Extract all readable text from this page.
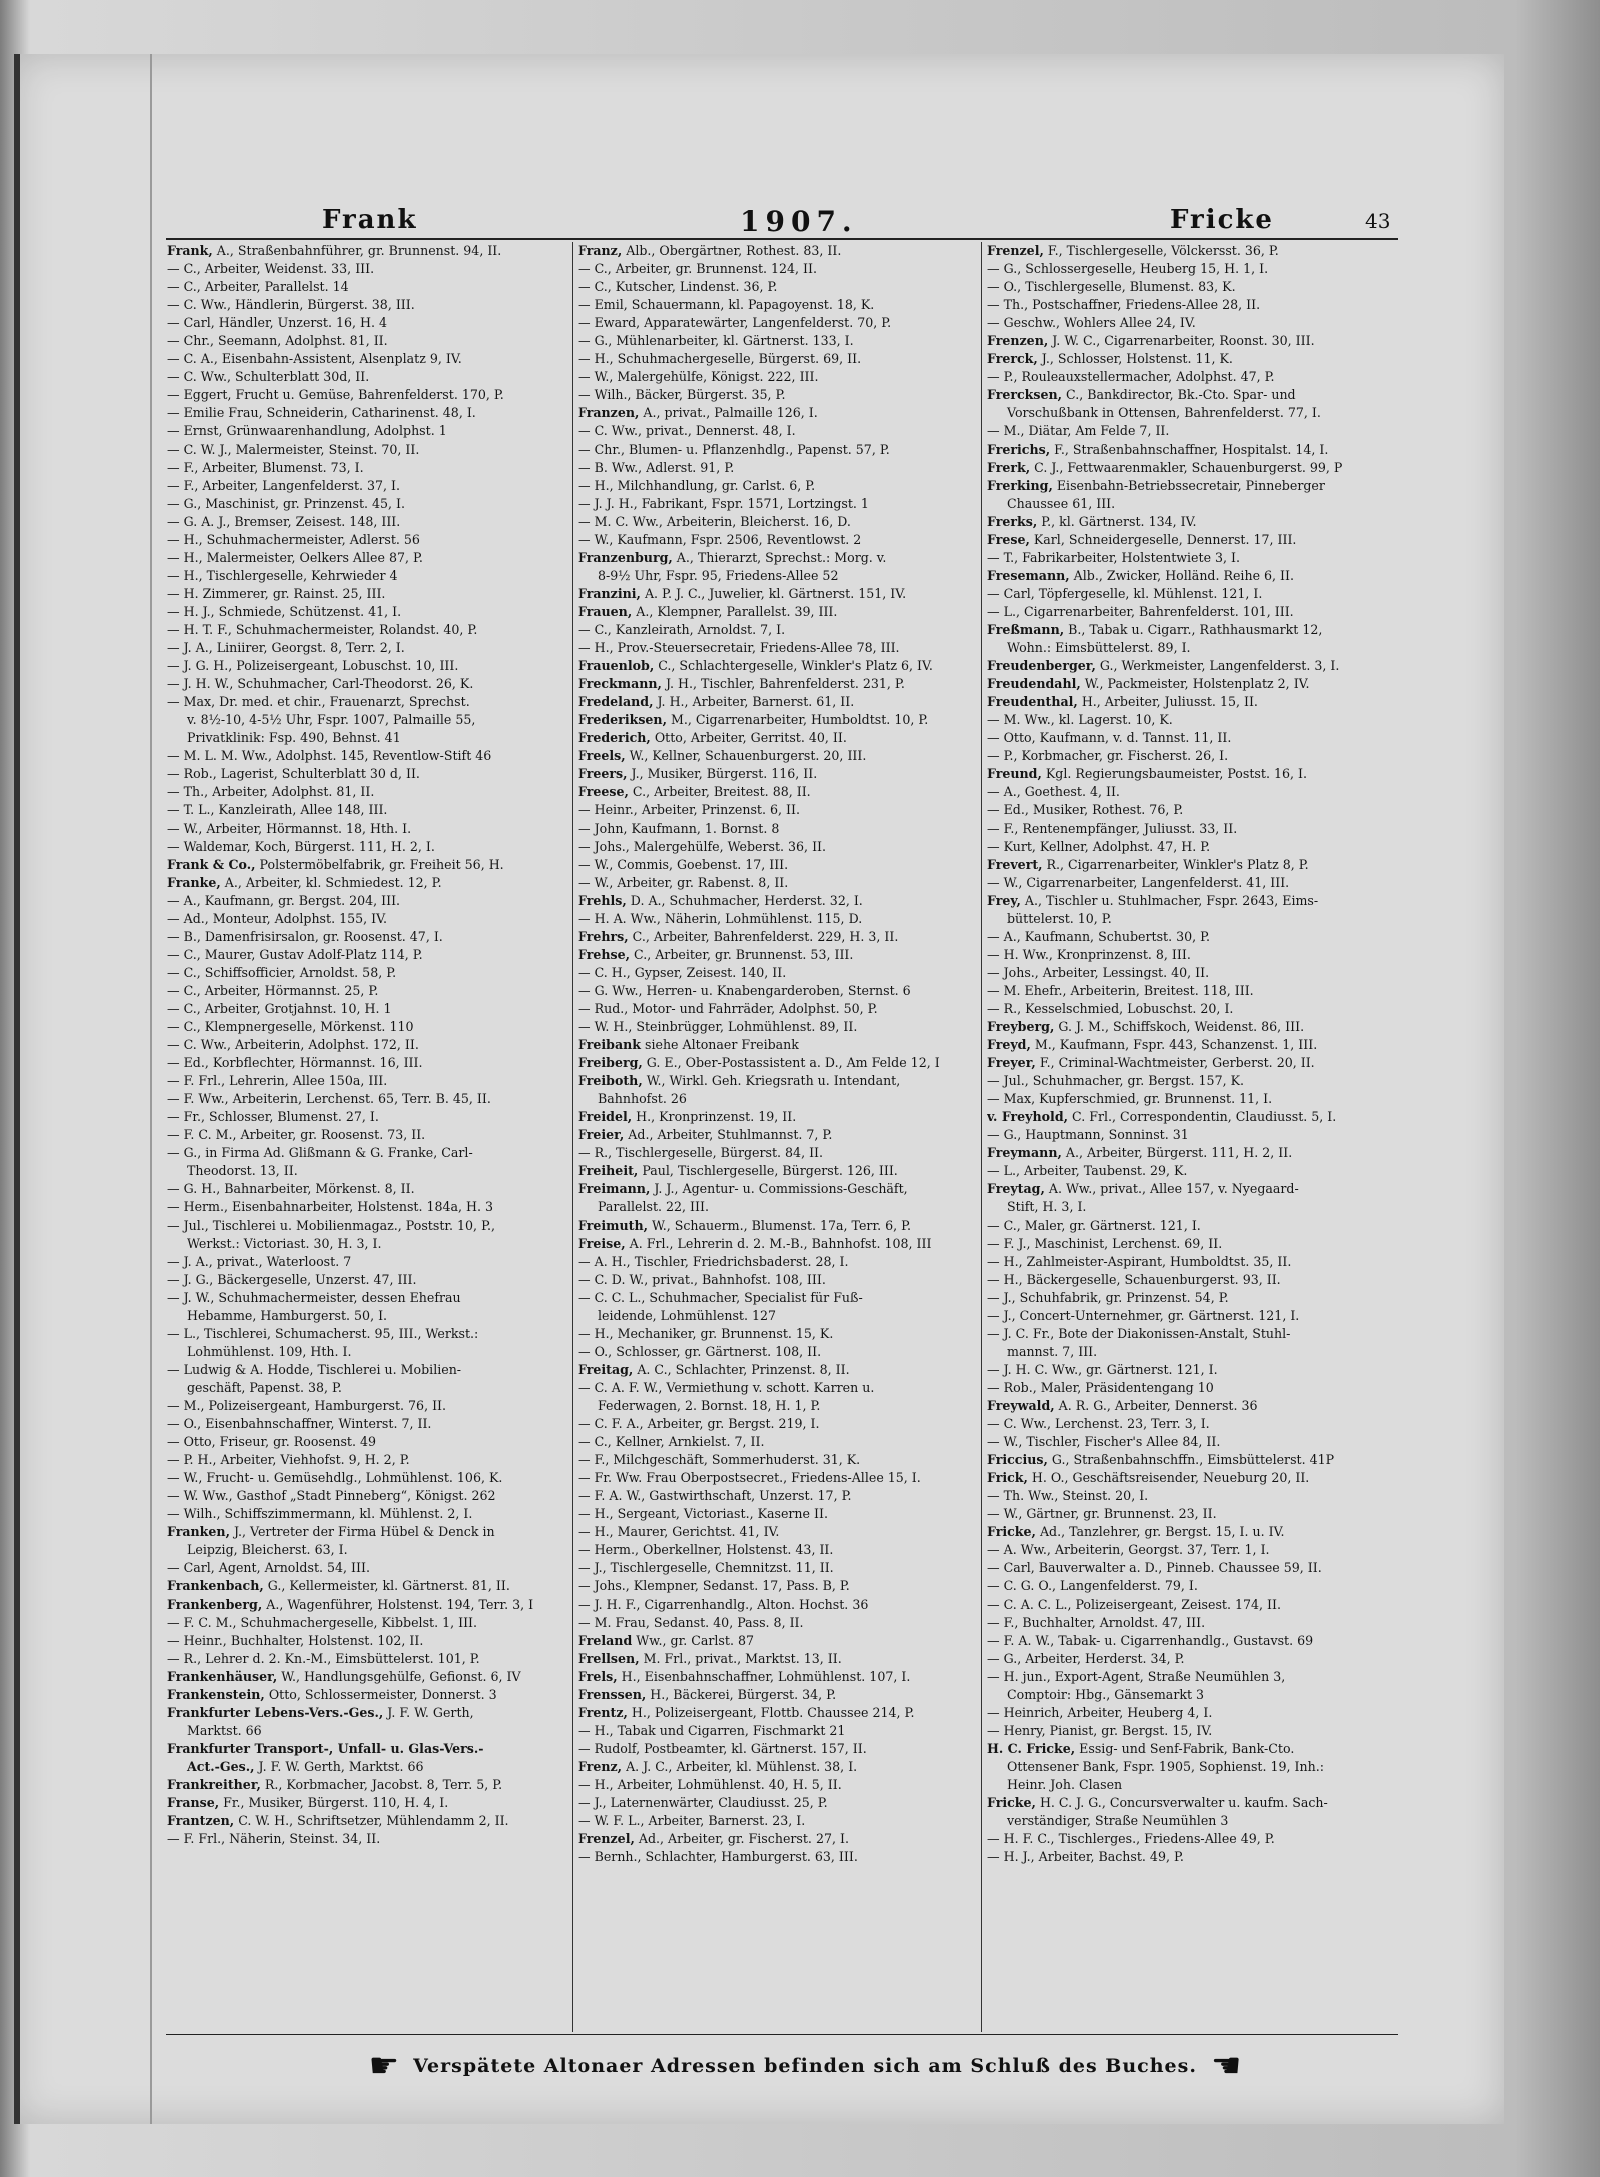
Frank	1907.	Fricke	43
Frank, A., Straßenbahnführer, gr. Brunnenst. 94, II.
— C., Arbeiter, Weidenst. 33, III.
— C., Arbeiter, Parallelst. 14
— C. Ww., Händlerin, Bürgerst. 38, III.
— Carl, Händler, Unzerst. 16, H. 4
— Chr., Seemann, Adolphst. 81, II.
— C. A., Eisenbahn-Assistent, Alsenplatz 9, IV.
— C. Ww., Schulterblatt 30d, II.
— Eggert, Frucht u. Gemüse, Bahrenfelderst. 170, P.
— Emilie Frau, Schneiderin, Catharinenst. 48, I.
— Ernst, Grünwaarenhandlung, Adolphst. 1
— C. W. J., Malermeister, Steinst. 70, II.
— F., Arbeiter, Blumenst. 73, I.
— F., Arbeiter, Langenfelderst. 37, I.
— G., Maschinist, gr. Prinzenst. 45, I.
— G. A. J., Bremser, Zeisest. 148, III.
— H., Schuhmachermeister, Adlerst. 56
— H., Malermeister, Oelkers Allee 87, P.
— H., Tischlergeselle, Kehrwieder 4
— H. Zimmerer, gr. Rainst. 25, III.
— H. J., Schmiede, Schützenst. 41, I.
— H. T. F., Schuhmachermeister, Rolandst. 40, P.
— J. A., Liniirer, Georgst. 8, Terr. 2, I.
— J. G. H., Polizeisergeant, Lobuschst. 10, III.
— J. H. W., Schuhmacher, Carl-Theodorst. 26, K.
— Max, Dr. med. et chir., Frauenarzt, Sprechst.
v. 8½-10, 4-5½ Uhr, Fspr. 1007, Palmaille 55,
Privatklinik: Fsp. 490, Behnst. 41
— M. L. M. Ww., Adolphst. 145, Reventlow-Stift 46
— Rob., Lagerist, Schulterblatt 30 d, II.
— Th., Arbeiter, Adolphst. 81, II.
— T. L., Kanzleirath, Allee 148, III.
— W., Arbeiter, Hörmannst. 18, Hth. I.
— Waldemar, Koch, Bürgerst. 111, H. 2, I.
Frank & Co., Polstermöbelfabrik, gr. Freiheit 56, H.
Franke, A., Arbeiter, kl. Schmiedest. 12, P.
— A., Kaufmann, gr. Bergst. 204, III.
— Ad., Monteur, Adolphst. 155, IV.
— B., Damenfrisirsalon, gr. Roosenst. 47, I.
— C., Maurer, Gustav Adolf-Platz 114, P.
— C., Schiffsofficier, Arnoldst. 58, P.
— C., Arbeiter, Hörmannst. 25, P.
— C., Arbeiter, Grotjahnst. 10, H. 1
— C., Klempnergeselle, Mörkenst. 110
— C. Ww., Arbeiterin, Adolphst. 172, II.
— Ed., Korbflechter, Hörmannst. 16, III.
— F. Frl., Lehrerin, Allee 150a, III.
— F. Ww., Arbeiterin, Lerchenst. 65, Terr. B. 45, II.
— Fr., Schlosser, Blumenst. 27, I.
— F. C. M., Arbeiter, gr. Roosenst. 73, II.
— G., in Firma Ad. Glißmann & G. Franke, Carl-
Theodorst. 13, II.
— G. H., Bahnarbeiter, Mörkenst. 8, II.
— Herm., Eisenbahnarbeiter, Holstenst. 184a, H. 3
— Jul., Tischlerei u. Mobilienmagaz., Poststr. 10, P.,
Werkst.: Victoriast. 30, H. 3, I.
— J. A., privat., Waterloost. 7
— J. G., Bäckergeselle, Unzerst. 47, III.
— J. W., Schuhmachermeister, dessen Ehefrau
Hebamme, Hamburgerst. 50, I.
— L., Tischlerei, Schumacherst. 95, III., Werkst.:
Lohmühlenst. 109, Hth. I.
— Ludwig & A. Hodde, Tischlerei u. Mobilien-
geschäft, Papenst. 38, P.
— M., Polizeisergeant, Hamburgerst. 76, II.
— O., Eisenbahnschaffner, Winterst. 7, II.
— Otto, Friseur, gr. Roosenst. 49
— P. H., Arbeiter, Viehhofst. 9, H. 2, P.
— W., Frucht- u. Gemüsehdlg., Lohmühlenst. 106, K.
— W. Ww., Gasthof „Stadt Pinneberg“, Königst. 262
— Wilh., Schiffszimmermann, kl. Mühlenst. 2, I.
Franken, J., Vertreter der Firma Hübel & Denck in
Leipzig, Bleicherst. 63, I.
— Carl, Agent, Arnoldst. 54, III.
Frankenbach, G., Kellermeister, kl. Gärtnerst. 81, II.
Frankenberg, A., Wagenführer, Holstenst. 194, Terr. 3, I
— F. C. M., Schuhmachergeselle, Kibbelst. 1, III.
— Heinr., Buchhalter, Holstenst. 102, II.
— R., Lehrer d. 2. Kn.-M., Eimsbüttelerst. 101, P.
Frankenhäuser, W., Handlungsgehülfe, Gefionst. 6, IV
Frankenstein, Otto, Schlossermeister, Donnerst. 3
Frankfurter Lebens-Vers.-Ges., J. F. W. Gerth,
Marktst. 66
Frankfurter Transport-, Unfall- u. Glas-Vers.-
Act.-Ges., J. F. W. Gerth, Marktst. 66
Frankreither, R., Korbmacher, Jacobst. 8, Terr. 5, P.
Franse, Fr., Musiker, Bürgerst. 110, H. 4, I.
Frantzen, C. W. H., Schriftsetzer, Mühlendamm 2, II.
— F. Frl., Näherin, Steinst. 34, II.
Franz, Alb., Obergärtner, Rothest. 83, II.
— C., Arbeiter, gr. Brunnenst. 124, II.
— C., Kutscher, Lindenst. 36, P.
— Emil, Schauermann, kl. Papagoyenst. 18, K.
— Eward, Apparatewärter, Langenfelderst. 70, P.
— G., Mühlenarbeiter, kl. Gärtnerst. 133, I.
— H., Schuhmachergeselle, Bürgerst. 69, II.
— W., Malergehülfe, Königst. 222, III.
— Wilh., Bäcker, Bürgerst. 35, P.
Franzen, A., privat., Palmaille 126, I.
— C. Ww., privat., Dennerst. 48, I.
— Chr., Blumen- u. Pflanzenhdlg., Papenst. 57, P.
— B. Ww., Adlerst. 91, P.
— H., Milchhandlung, gr. Carlst. 6, P.
— J. J. H., Fabrikant, Fspr. 1571, Lortzingst. 1
— M. C. Ww., Arbeiterin, Bleicherst. 16, D.
— W., Kaufmann, Fspr. 2506, Reventlowst. 2
Franzenburg, A., Thierarzt, Sprechst.: Morg. v.
8-9½ Uhr, Fspr. 95, Friedens-Allee 52
Franzini, A. P. J. C., Juwelier, kl. Gärtnerst. 151, IV.
Frauen, A., Klempner, Parallelst. 39, III.
— C., Kanzleirath, Arnoldst. 7, I.
— H., Prov.-Steuersecretair, Friedens-Allee 78, III.
Frauenlob, C., Schlachtergeselle, Winkler's Platz 6, IV.
Freckmann, J. H., Tischler, Bahrenfelderst. 231, P.
Fredeland, J. H., Arbeiter, Barnerst. 61, II.
Frederiksen, M., Cigarrenarbeiter, Humboldtst. 10, P.
Frederich, Otto, Arbeiter, Gerritst. 40, II.
Freels, W., Kellner, Schauenburgerst. 20, III.
Freers, J., Musiker, Bürgerst. 116, II.
Freese, C., Arbeiter, Breitest. 88, II.
— Heinr., Arbeiter, Prinzenst. 6, II.
— John, Kaufmann, 1. Bornst. 8
— Johs., Malergehülfe, Weberst. 36, II.
— W., Commis, Goebenst. 17, III.
— W., Arbeiter, gr. Rabenst. 8, II.
Frehls, D. A., Schuhmacher, Herderst. 32, I.
— H. A. Ww., Näherin, Lohmühlenst. 115, D.
Frehrs, C., Arbeiter, Bahrenfelderst. 229, H. 3, II.
Frehse, C., Arbeiter, gr. Brunnenst. 53, III.
— C. H., Gypser, Zeisest. 140, II.
— G. Ww., Herren- u. Knabengarderoben, Sternst. 6
— Rud., Motor- und Fahrräder, Adolphst. 50, P.
— W. H., Steinbrügger, Lohmühlenst. 89, II.
Freibank siehe Altonaer Freibank
Freiberg, G. E., Ober-Postassistent a. D., Am Felde 12, I
Freiboth, W., Wirkl. Geh. Kriegsrath u. Intendant,
Bahnhofst. 26
Freidel, H., Kronprinzenst. 19, II.
Freier, Ad., Arbeiter, Stuhlmannst. 7, P.
— R., Tischlergeselle, Bürgerst. 84, II.
Freiheit, Paul, Tischlergeselle, Bürgerst. 126, III.
Freimann, J. J., Agentur- u. Commissions-Geschäft,
Parallelst. 22, III.
Freimuth, W., Schauerm., Blumenst. 17a, Terr. 6, P.
Freise, A. Frl., Lehrerin d. 2. M.-B., Bahnhofst. 108, III
— A. H., Tischler, Friedrichsbaderst. 28, I.
— C. D. W., privat., Bahnhofst. 108, III.
— C. C. L., Schuhmacher, Specialist für Fuß-
leidende, Lohmühlenst. 127
— H., Mechaniker, gr. Brunnenst. 15, K.
— O., Schlosser, gr. Gärtnerst. 108, II.
Freitag, A. C., Schlachter, Prinzenst. 8, II.
— C. A. F. W., Vermiethung v. schott. Karren u.
Federwagen, 2. Bornst. 18, H. 1, P.
— C. F. A., Arbeiter, gr. Bergst. 219, I.
— C., Kellner, Arnkielst. 7, II.
— F., Milchgeschäft, Sommerhuderst. 31, K.
— Fr. Ww. Frau Oberpostsecret., Friedens-Allee 15, I.
— F. A. W., Gastwirthschaft, Unzerst. 17, P.
— H., Sergeant, Victoriast., Kaserne II.
— H., Maurer, Gerichtst. 41, IV.
— Herm., Oberkellner, Holstenst. 43, II.
— J., Tischlergeselle, Chemnitzst. 11, II.
— Johs., Klempner, Sedanst. 17, Pass. B, P.
— J. H. F., Cigarrenhandlg., Alton. Hochst. 36
— M. Frau, Sedanst. 40, Pass. 8, II.
Freland Ww., gr. Carlst. 87
Frellsen, M. Frl., privat., Marktst. 13, II.
Frels, H., Eisenbahnschaffner, Lohmühlenst. 107, I.
Frenssen, H., Bäckerei, Bürgerst. 34, P.
Frentz, H., Polizeisergeant, Flottb. Chaussee 214, P.
— H., Tabak und Cigarren, Fischmarkt 21
— Rudolf, Postbeamter, kl. Gärtnerst. 157, II.
Frenz, A. J. C., Arbeiter, kl. Mühlenst. 38, I.
— H., Arbeiter, Lohmühlenst. 40, H. 5, II.
— J., Laternenwärter, Claudiusst. 25, P.
— W. F. L., Arbeiter, Barnerst. 23, I.
Frenzel, Ad., Arbeiter, gr. Fischerst. 27, I.
— Bernh., Schlachter, Hamburgerst. 63, III.
Frenzel, F., Tischlergeselle, Völckersst. 36, P.
— G., Schlossergeselle, Heuberg 15, H. 1, I.
— O., Tischlergeselle, Blumenst. 83, K.
— Th., Postschaffner, Friedens-Allee 28, II.
— Geschw., Wohlers Allee 24, IV.
Frenzen, J. W. C., Cigarrenarbeiter, Roonst. 30, III.
Frerck, J., Schlosser, Holstenst. 11, K.
— P., Rouleauxstellermacher, Adolphst. 47, P.
Frercksen, C., Bankdirector, Bk.-Cto. Spar- und
Vorschußbank in Ottensen, Bahrenfelderst. 77, I.
— M., Diätar, Am Felde 7, II.
Frerichs, F., Straßenbahnschaffner, Hospitalst. 14, I.
Frerk, C. J., Fettwaarenmakler, Schauenburgerst. 99, P
Frerking, Eisenbahn-Betriebssecretair, Pinneberger
Chaussee 61, III.
Frerks, P., kl. Gärtnerst. 134, IV.
Frese, Karl, Schneidergeselle, Dennerst. 17, III.
— T., Fabrikarbeiter, Holstentwiete 3, I.
Fresemann, Alb., Zwicker, Holländ. Reihe 6, II.
— Carl, Töpfergeselle, kl. Mühlenst. 121, I.
— L., Cigarrenarbeiter, Bahrenfelderst. 101, III.
Freßmann, B., Tabak u. Cigarr., Rathhausmarkt 12,
Wohn.: Eimsbüttelerst. 89, I.
Freudenberger, G., Werkmeister, Langenfelderst. 3, I.
Freudendahl, W., Packmeister, Holstenplatz 2, IV.
Freudenthal, H., Arbeiter, Juliusst. 15, II.
— M. Ww., kl. Lagerst. 10, K.
— Otto, Kaufmann, v. d. Tannst. 11, II.
— P., Korbmacher, gr. Fischerst. 26, I.
Freund, Kgl. Regierungsbaumeister, Postst. 16, I.
— A., Goethest. 4, II.
— Ed., Musiker, Rothest. 76, P.
— F., Rentenempfänger, Juliusst. 33, II.
— Kurt, Kellner, Adolphst. 47, H. P.
Frevert, R., Cigarrenarbeiter, Winkler's Platz 8, P.
— W., Cigarrenarbeiter, Langenfelderst. 41, III.
Frey, A., Tischler u. Stuhlmacher, Fspr. 2643, Eims-
büttelerst. 10, P.
— A., Kaufmann, Schubertst. 30, P.
— H. Ww., Kronprinzenst. 8, III.
— Johs., Arbeiter, Lessingst. 40, II.
— M. Ehefr., Arbeiterin, Breitest. 118, III.
— R., Kesselschmied, Lobuschst. 20, I.
Freyberg, G. J. M., Schiffskoch, Weidenst. 86, III.
Freyd, M., Kaufmann, Fspr. 443, Schanzenst. 1, III.
Freyer, F., Criminal-Wachtmeister, Gerberst. 20, II.
— Jul., Schuhmacher, gr. Bergst. 157, K.
— Max, Kupferschmied, gr. Brunnenst. 11, I.
v. Freyhold, C. Frl., Correspondentin, Claudiusst. 5, I.
— G., Hauptmann, Sonninst. 31
Freymann, A., Arbeiter, Bürgerst. 111, H. 2, II.
— L., Arbeiter, Taubenst. 29, K.
Freytag, A. Ww., privat., Allee 157, v. Nyegaard-
Stift, H. 3, I.
— C., Maler, gr. Gärtnerst. 121, I.
— F. J., Maschinist, Lerchenst. 69, II.
— H., Zahlmeister-Aspirant, Humboldtst. 35, II.
— H., Bäckergeselle, Schauenburgerst. 93, II.
— J., Schuhfabrik, gr. Prinzenst. 54, P.
— J., Concert-Unternehmer, gr. Gärtnerst. 121, I.
— J. C. Fr., Bote der Diakonissen-Anstalt, Stuhl-
mannst. 7, III.
— J. H. C. Ww., gr. Gärtnerst. 121, I.
— Rob., Maler, Präsidentengang 10
Freywald, A. R. G., Arbeiter, Dennerst. 36
— C. Ww., Lerchenst. 23, Terr. 3, I.
— W., Tischler, Fischer's Allee 84, II.
Friccius, G., Straßenbahnschffn., Eimsbüttelerst. 41P
Frick, H. O., Geschäftsreisender, Neueburg 20, II.
— Th. Ww., Steinst. 20, I.
— W., Gärtner, gr. Brunnenst. 23, II.
Fricke, Ad., Tanzlehrer, gr. Bergst. 15, I. u. IV.
— A. Ww., Arbeiterin, Georgst. 37, Terr. 1, I.
— Carl, Bauverwalter a. D., Pinneb. Chaussee 59, II.
— C. G. O., Langenfelderst. 79, I.
— C. A. C. L., Polizeisergeant, Zeisest. 174, II.
— F., Buchhalter, Arnoldst. 47, III.
— F. A. W., Tabak- u. Cigarrenhandlg., Gustavst. 69
— G., Arbeiter, Herderst. 34, P.
— H. jun., Export-Agent, Straße Neumühlen 3,
Comptoir: Hbg., Gänsemarkt 3
— Heinrich, Arbeiter, Heuberg 4, I.
— Henry, Pianist, gr. Bergst. 15, IV.
H. C. Fricke, Essig- und Senf-Fabrik, Bank-Cto.
Ottensener Bank, Fspr. 1905, Sophienst. 19, Inh.:
Heinr. Joh. Clasen
Fricke, H. C. J. G., Concursverwalter u. kaufm. Sach-
verständiger, Straße Neumühlen 3
— H. F. C., Tischlerges., Friedens-Allee 49, P.
— H. J., Arbeiter, Bachst. 49, P.
☛ Verspätete Altonaer Adressen befinden sich am Schluß des Buches. ☚
